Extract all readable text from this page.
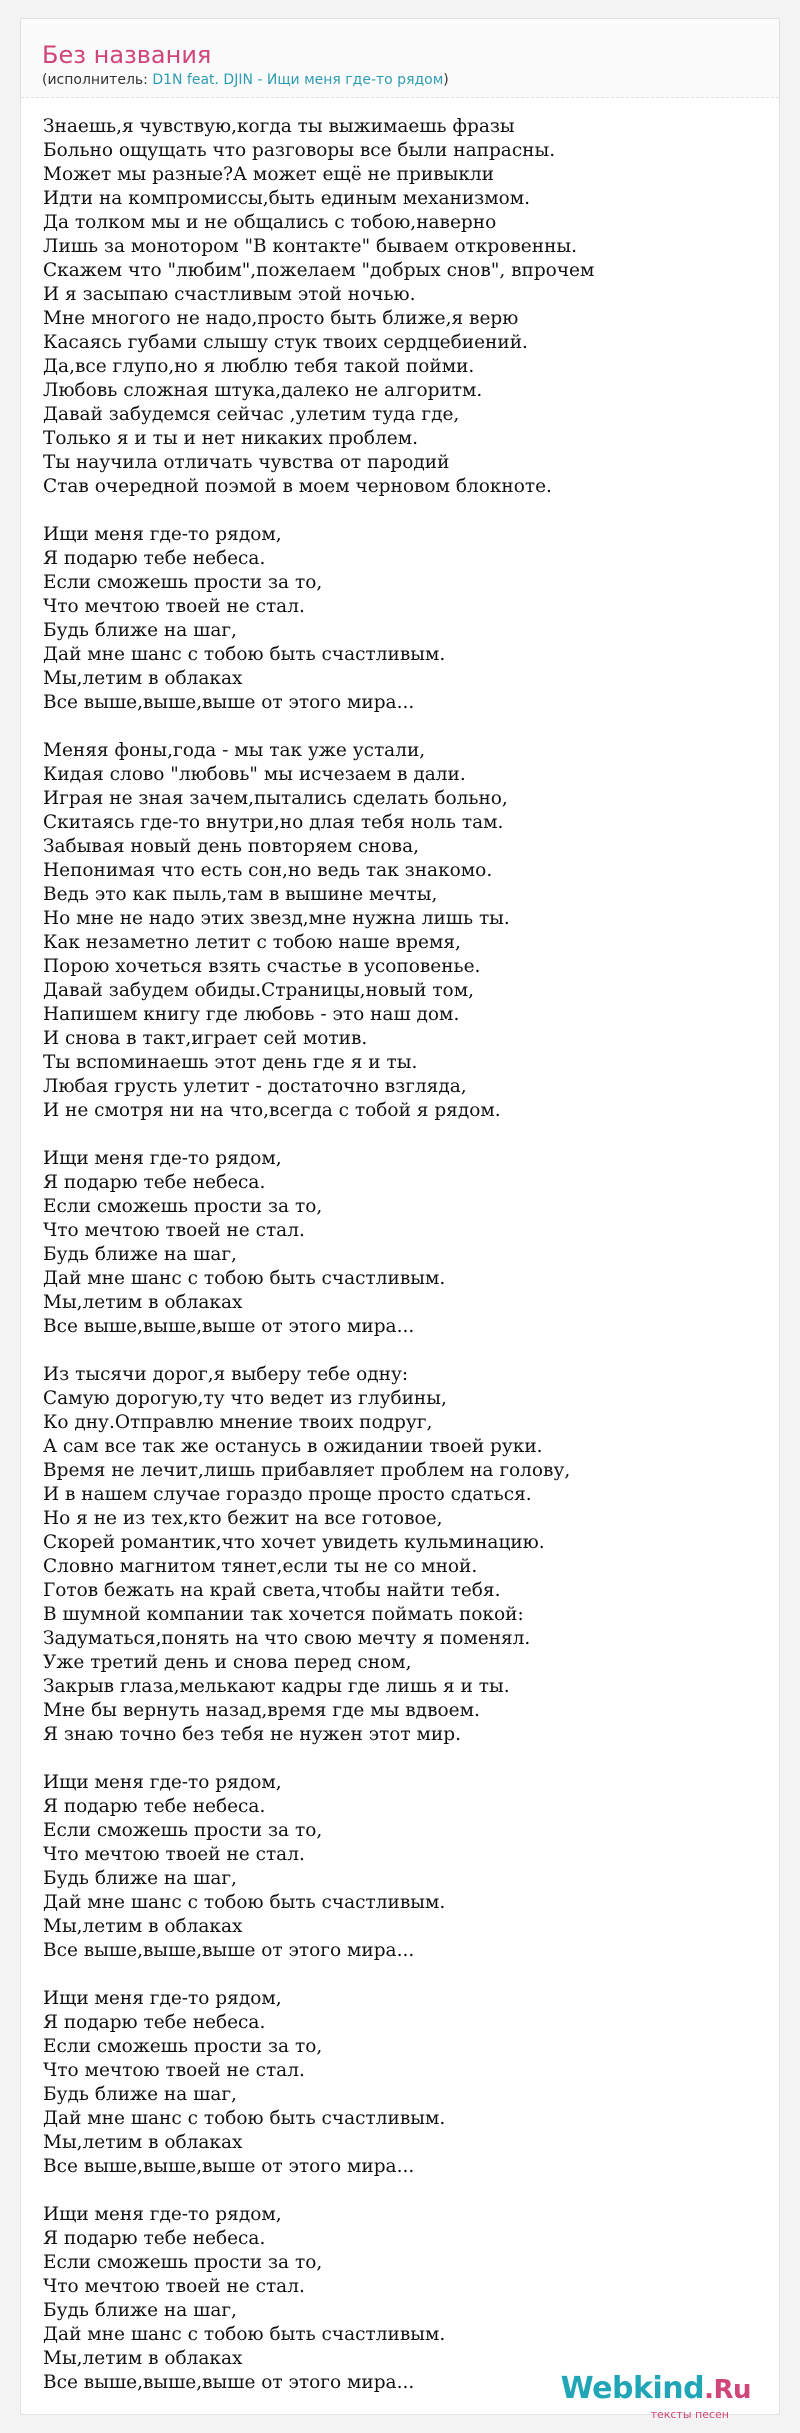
Без названия
(исполнитель: D1N feat. DJIN - Ищи меня где-то рядом)
Знаешь,я чувствую,когда ты выжимаешь фразы
Больно ощущать что разговоры все были напрасны.
Может мы разные?А может ещё не привыкли
Идти на компромиссы,быть единым механизмом.
Да толком мы и не общались с тобою,наверно
Лишь за монотором "В контакте" бываем откровенны.
Скажем что "любим",пожелаем "добрых снов", впрочем
И я засыпаю счастливым этой ночью.
Мне многого не надо,просто быть ближе,я верю
Касаясь губами слышу стук твоих сердцебиений.
Да,все глупо,но я люблю тебя такой пойми.
Любовь сложная штука,далеко не алгоритм.
Давай забудемся сейчас ,улетим туда где,
Только я и ты и нет никаких проблем.
Ты научила отличать чувства от пародий
Став очередной поэмой в моем черновом блокноте.
Ищи меня где-то рядом,
Я подарю тебе небеса.
Если сможешь прости за то,
Что мечтою твоей не стал.
Будь ближе на шаг,
Дай мне шанс с тобою быть счастливым.
Мы,летим в облаках
Все выше,выше,выше от этого мира...
Меняя фоны,года - мы так уже устали,
Кидая слово "любовь" мы исчезаем в дали.
Играя не зная зачем,пытались сделать больно,
Скитаясь где-то внутри,но длая тебя ноль там.
Забывая новый день повторяем снова,
Непонимая что есть сон,но ведь так знакомо.
Ведь это как пыль,там в вышине мечты,
Но мне не надо этих звезд,мне нужна лишь ты.
Как незаметно летит с тобою наше время,
Порою хочеться взять счастье в усоповенье.
Давай забудем обиды.Страницы,новый том,
Напишем книгу где любовь - это наш дом.
И снова в такт,играет сей мотив.
Ты вспоминаешь этот день где я и ты.
Любая грусть улетит - достаточно взгляда,
И не смотря ни на что,всегда с тобой я рядом.
Ищи меня где-то рядом,
Я подарю тебе небеса.
Если сможешь прости за то,
Что мечтою твоей не стал.
Будь ближе на шаг,
Дай мне шанс с тобою быть счастливым.
Мы,летим в облаках
Все выше,выше,выше от этого мира...
Из тысячи дорог,я выберу тебе одну:
Самую дорогую,ту что ведет из глубины,
Ко дну.Отправлю мнение твоих подруг,
А сам все так же останусь в ожидании твоей руки.
Время не лечит,лишь прибавляет проблем на голову,
И в нашем случае гораздо проще просто сдаться.
Но я не из тех,кто бежит на все готовое,
Скорей романтик,что хочет увидеть кульминацию.
Словно магнитом тянет,если ты не со мной.
Готов бежать на край света,чтобы найти тебя.
В шумной компании так хочется поймать покой:
Задуматься,понять на что свою мечту я поменял.
Уже третий день и снова перед сном,
Закрыв глаза,мелькают кадры где лишь я и ты.
Мне бы вернуть назад,время где мы вдвоем.
Я знаю точно без тебя не нужен этот мир.
Ищи меня где-то рядом,
Я подарю тебе небеса.
Если сможешь прости за то,
Что мечтою твоей не стал.
Будь ближе на шаг,
Дай мне шанс с тобою быть счастливым.
Мы,летим в облаках
Все выше,выше,выше от этого мира...
Ищи меня где-то рядом,
Я подарю тебе небеса.
Если сможешь прости за то,
Что мечтою твоей не стал.
Будь ближе на шаг,
Дай мне шанс с тобою быть счастливым.
Мы,летим в облаках
Все выше,выше,выше от этого мира...
Ищи меня где-то рядом,
Я подарю тебе небеса.
Если сможешь прости за то,
Что мечтою твоей не стал.
Будь ближе на шаг,
Дай мне шанс с тобою быть счастливым.
Мы,летим в облаках
Все выше,выше,выше от этого мира...	Webkind.Ru
тексты песен
